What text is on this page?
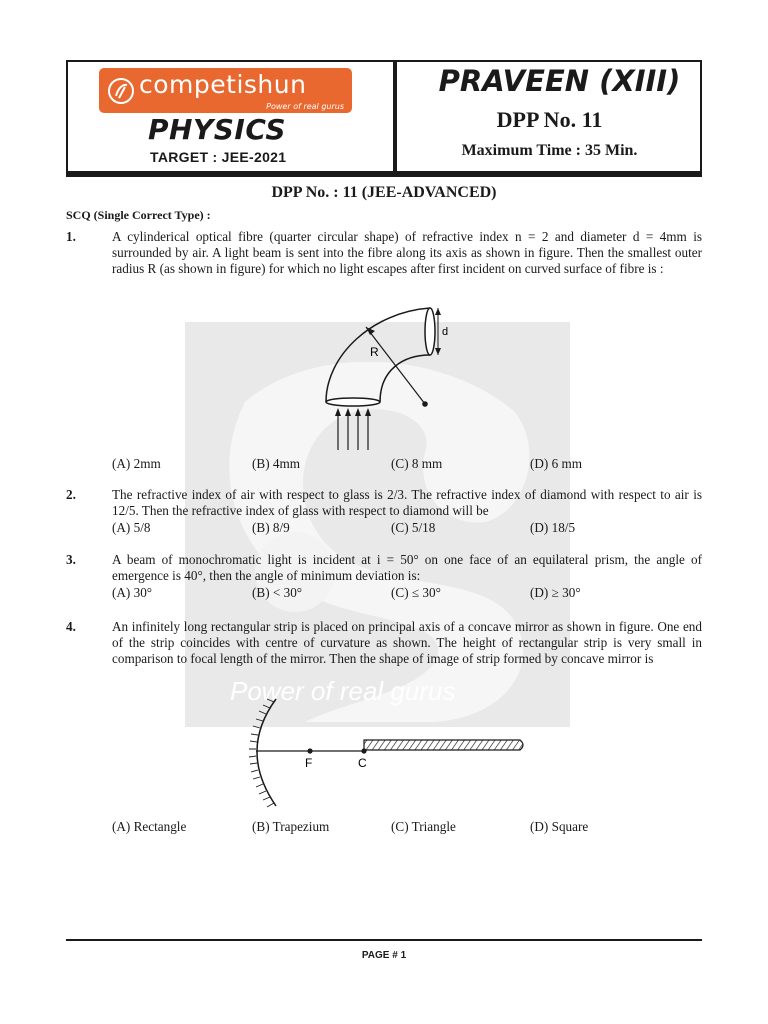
Power of real gurus
competishun
Power of real gurus
PHYSICS
TARGET : JEE-2021
PRAVEEN (XIII)
DPP No. 11
Maximum Time : 35 Min.
DPP No. : 11 (JEE-ADVANCED)
SCQ (Single Correct Type) :
1.	A cylinderical optical fibre (quarter circular shape) of refractive index n = 2 and diameter d = 4mm is surrounded by air. A light beam is sent into the fibre along its axis as shown in figure. Then the smallest outer radius R (as shown in figure) for which no light escapes after first incident on curved surface of fibre is :
d
R
(A) 2mm	(B) 4mm	(C) 8 mm	(D) 6 mm
2.	The refractive index of air with respect to glass is 2/3. The refractive index of diamond with respect to air is 12/5. Then the refractive index of glass with respect to diamond will be
(A) 5/8	(B) 8/9	(C) 5/18	(D) 18/5
3.	A beam of monochromatic light is incident at i = 50° on one face of an equilateral prism, the angle of emergence is 40°, then the angle of minimum deviation is:
(A) 30°	(B) < 30°	(C) ≤ 30°	(D) ≥ 30°
4.	An infinitely long rectangular strip is placed on principal axis of a concave mirror as shown in figure. One end of the strip coincides with centre of curvature as shown. The height of rectangular strip is very small in comparison to focal length of the mirror. Then the shape of image of strip formed by concave mirror is
F	C
(A) Rectangle	(B) Trapezium	(C) Triangle	(D) Square
PAGE # 1
